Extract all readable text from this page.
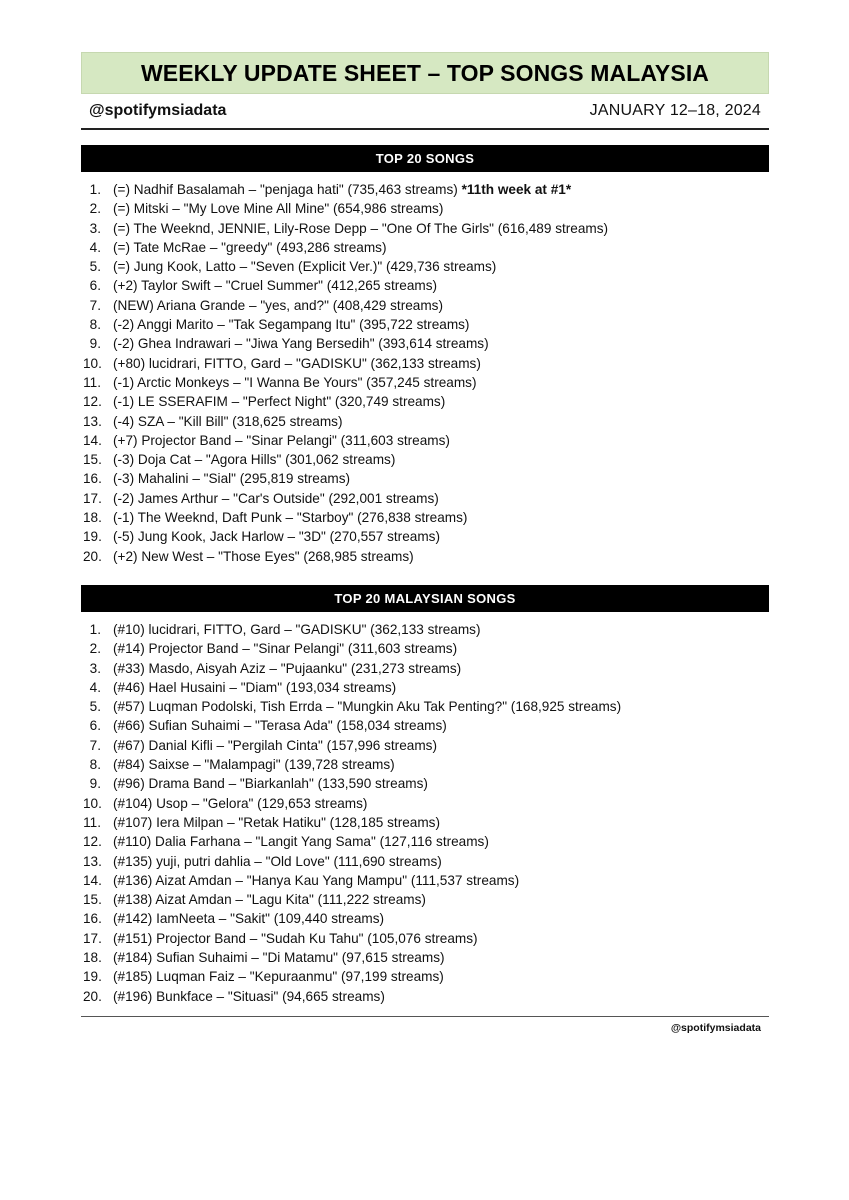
WEEKLY UPDATE SHEET – TOP SONGS MALAYSIA
@spotifymsiadata	JANUARY 12–18, 2024
TOP 20 SONGS
1. (=) Nadhif Basalamah – "penjaga hati" (735,463 streams) *11th week at #1*
2. (=) Mitski – "My Love Mine All Mine" (654,986 streams)
3. (=) The Weeknd, JENNIE, Lily-Rose Depp – "One Of The Girls" (616,489 streams)
4. (=) Tate McRae – "greedy" (493,286 streams)
5. (=) Jung Kook, Latto – "Seven (Explicit Ver.)" (429,736 streams)
6. (+2) Taylor Swift – "Cruel Summer" (412,265 streams)
7. (NEW) Ariana Grande – "yes, and?" (408,429 streams)
8. (-2) Anggi Marito – "Tak Segampang Itu" (395,722 streams)
9. (-2) Ghea Indrawari – "Jiwa Yang Bersedih" (393,614 streams)
10. (+80) lucidrari, FITTO, Gard – "GADISKU" (362,133 streams)
11. (-1) Arctic Monkeys – "I Wanna Be Yours" (357,245 streams)
12. (-1) LE SSERAFIM – "Perfect Night" (320,749 streams)
13. (-4) SZA – "Kill Bill" (318,625 streams)
14. (+7) Projector Band – "Sinar Pelangi" (311,603 streams)
15. (-3) Doja Cat – "Agora Hills" (301,062 streams)
16. (-3) Mahalini – "Sial" (295,819 streams)
17. (-2) James Arthur – "Car's Outside" (292,001 streams)
18. (-1) The Weeknd, Daft Punk – "Starboy" (276,838 streams)
19. (-5) Jung Kook, Jack Harlow – "3D" (270,557 streams)
20. (+2) New West – "Those Eyes" (268,985 streams)
TOP 20 MALAYSIAN SONGS
1. (#10) lucidrari, FITTO, Gard – "GADISKU" (362,133 streams)
2. (#14) Projector Band – "Sinar Pelangi" (311,603 streams)
3. (#33) Masdo, Aisyah Aziz – "Pujaanku" (231,273 streams)
4. (#46) Hael Husaini – "Diam" (193,034 streams)
5. (#57) Luqman Podolski, Tish Errda – "Mungkin Aku Tak Penting?" (168,925 streams)
6. (#66) Sufian Suhaimi – "Terasa Ada" (158,034 streams)
7. (#67) Danial Kifli – "Pergilah Cinta" (157,996 streams)
8. (#84) Saixse – "Malampagi" (139,728 streams)
9. (#96) Drama Band – "Biarkanlah" (133,590 streams)
10. (#104) Usop – "Gelora" (129,653 streams)
11. (#107) Iera Milpan – "Retak Hatiku" (128,185 streams)
12. (#110) Dalia Farhana – "Langit Yang Sama" (127,116 streams)
13. (#135) yuji, putri dahlia – "Old Love" (111,690 streams)
14. (#136) Aizat Amdan – "Hanya Kau Yang Mampu" (111,537 streams)
15. (#138) Aizat Amdan – "Lagu Kita" (111,222 streams)
16. (#142) IamNeeta – "Sakit" (109,440 streams)
17. (#151) Projector Band – "Sudah Ku Tahu" (105,076 streams)
18. (#184) Sufian Suhaimi – "Di Matamu" (97,615 streams)
19. (#185) Luqman Faiz – "Kepuraanmu" (97,199 streams)
20. (#196) Bunkface – "Situasi" (94,665 streams)
@spotifymsiadata
